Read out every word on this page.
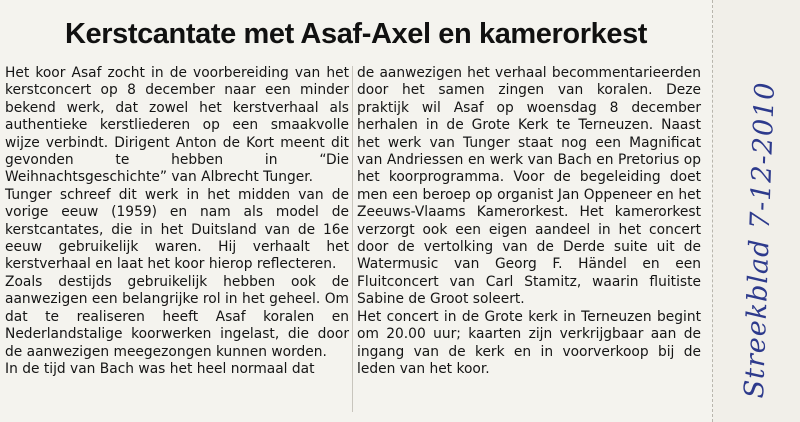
Kerstcantate met Asaf-Axel en kamerorkest

Het koor Asaf zocht in de voorbereiding van het kerstconcert op 8 december naar een minder bekend werk, dat zowel het kerstverhaal als authentieke kerstliederen op een smaakvolle wijze verbindt. Dirigent Anton de Kort meent dit gevonden te hebben in “Die Weihnachtsgeschichte” van Albrecht Tunger.

Tunger schreef dit werk in het midden van de vorige eeuw (1959) en nam als model de kerstcantates, die in het Duitsland van de 16e eeuw gebruikelijk waren. Hij verhaalt het kerstverhaal en laat het koor hierop reflecteren.

Zoals destijds gebruikelijk hebben ook de aanwezigen een belangrijke rol in het geheel. Om dat te realiseren heeft Asaf koralen en Nederlandstalige koorwerken ingelast, die door de aanwezigen meegezongen kunnen worden.

In de tijd van Bach was het heel normaal dat

de aanwezigen het verhaal becommentarieerden door het samen zingen van koralen. Deze praktijk wil Asaf op woensdag 8 december herhalen in de Grote Kerk te Terneuzen. Naast het werk van Tunger staat nog een Magnificat van Andriessen en werk van Bach en Pretorius op het koorprogramma. Voor de begeleiding doet men een beroep op organist Jan Oppeneer en het Zeeuws-Vlaams Kamerorkest. Het kamerorkest verzorgt ook een eigen aandeel in het concert door de vertolking van de Derde suite uit de Watermusic van Georg F. Händel en een Fluitconcert van Carl Stamitz, waarin fluitiste Sabine de Groot soleert.

Het concert in de Grote kerk in Terneuzen begint om 20.00 uur; kaarten zijn verkrijgbaar aan de ingang van de kerk en in voorverkoop bij de leden van het koor.	Streekblad 7-12-2010
